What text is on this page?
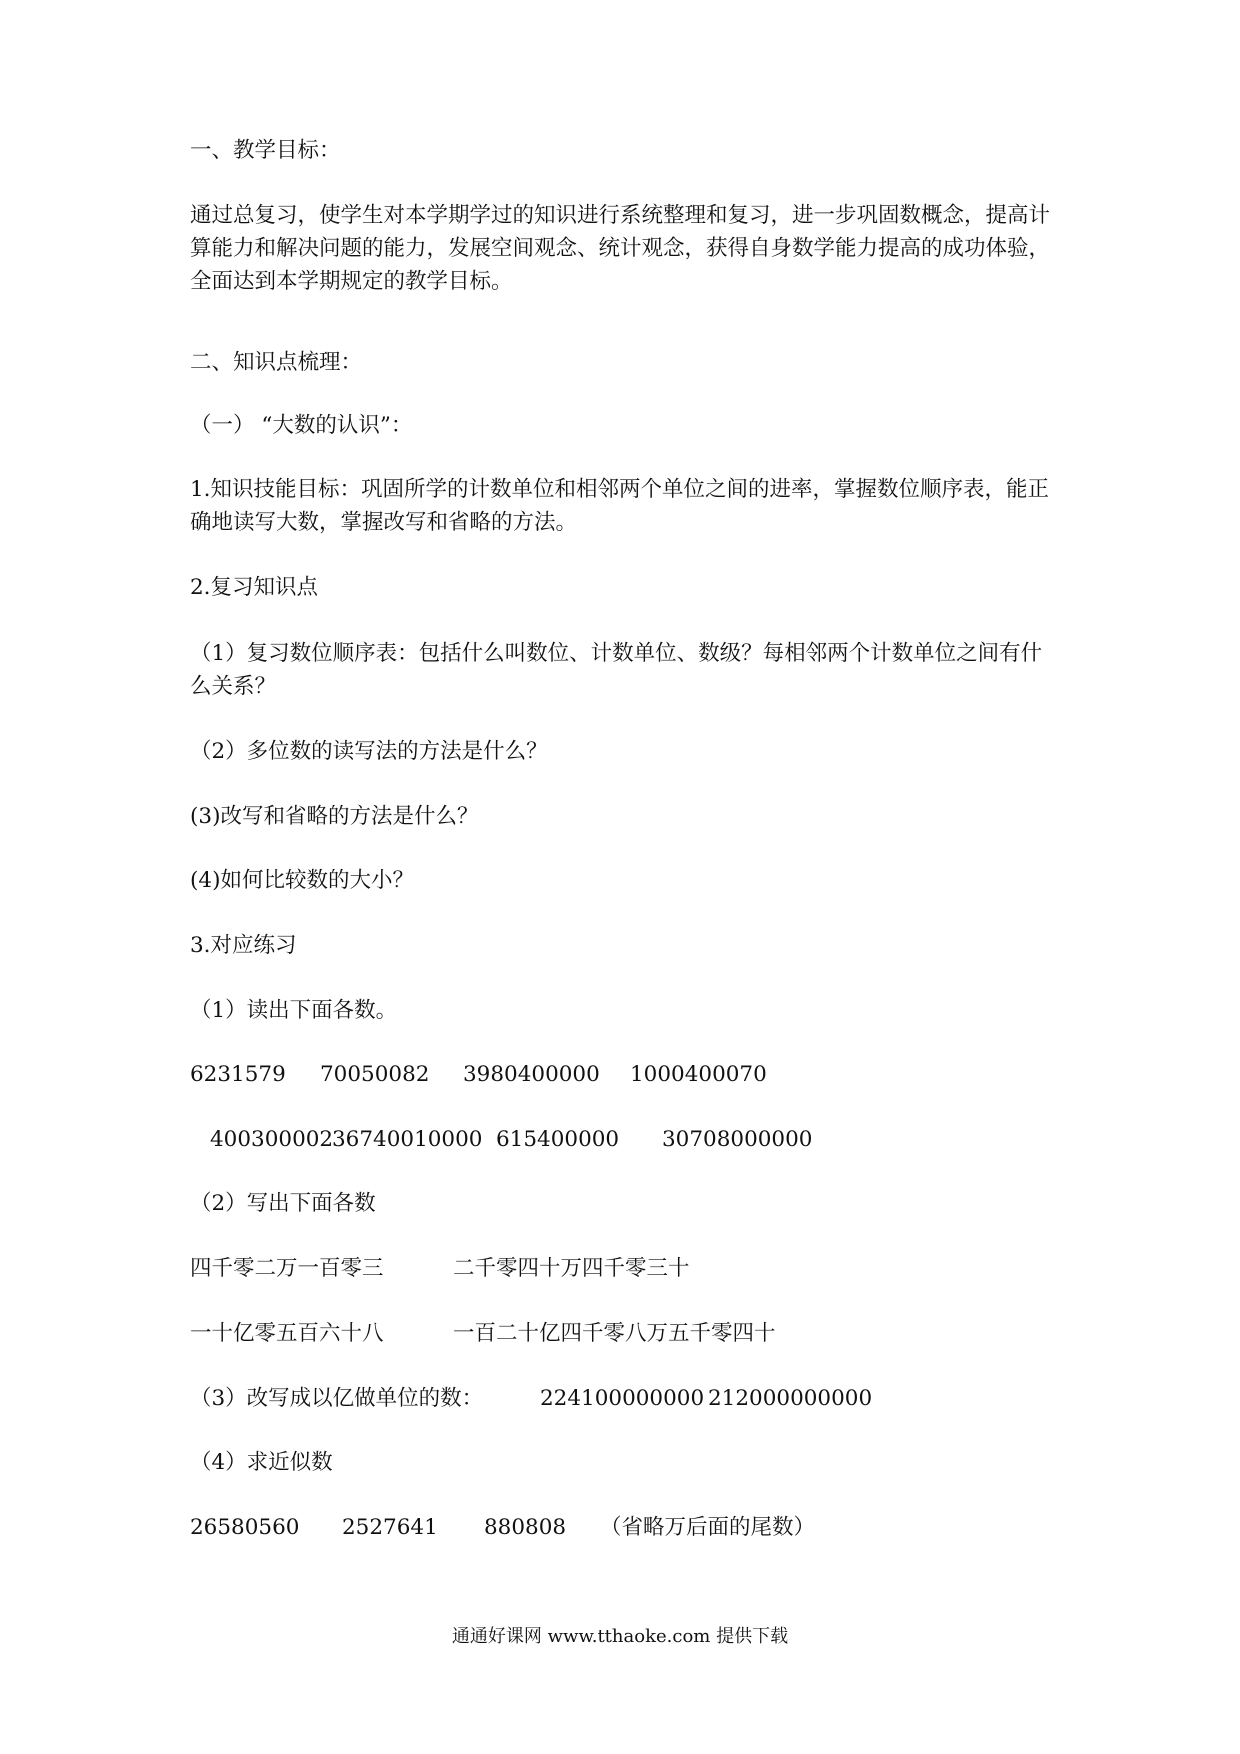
一、教学目标：
通过总复习，使学生对本学期学过的知识进行系统整理和复习，进一步巩固数概念，提高计
算能力和解决问题的能力，发展空间观念、统计观念，获得自身数学能力提高的成功体验，
全面达到本学期规定的教学目标。
二、知识点梳理：
（一） “大数的认识”：
1.知识技能目标：巩固所学的计数单位和相邻两个单位之间的进率，掌握数位顺序表，能正
确地读写大数，掌握改写和省略的方法。
2.复习知识点
（1）复习数位顺序表：包括什么叫数位、计数单位、数级？每相邻两个计数单位之间有什
么关系？
（2）多位数的读写法的方法是什么？
(3)改写和省略的方法是什么？
(4)如何比较数的大小？
3.对应练习
（1）读出下面各数。
6231579 70050082 3980400000 1000400070
400300002
36740010000 615400000 30708000000
（2）写出下面各数
四千零二万一百零三	二千零四十万四千零三十
一十亿零五百六十八	一百二十亿四千零八万五千零四十
（3）改写成以亿做单位的数：	224100000000 212000000000
（4）求近似数
26580560 2527641 880808 （省略万后面的尾数）
通通好课网 www.tthaoke.com 提供下载
